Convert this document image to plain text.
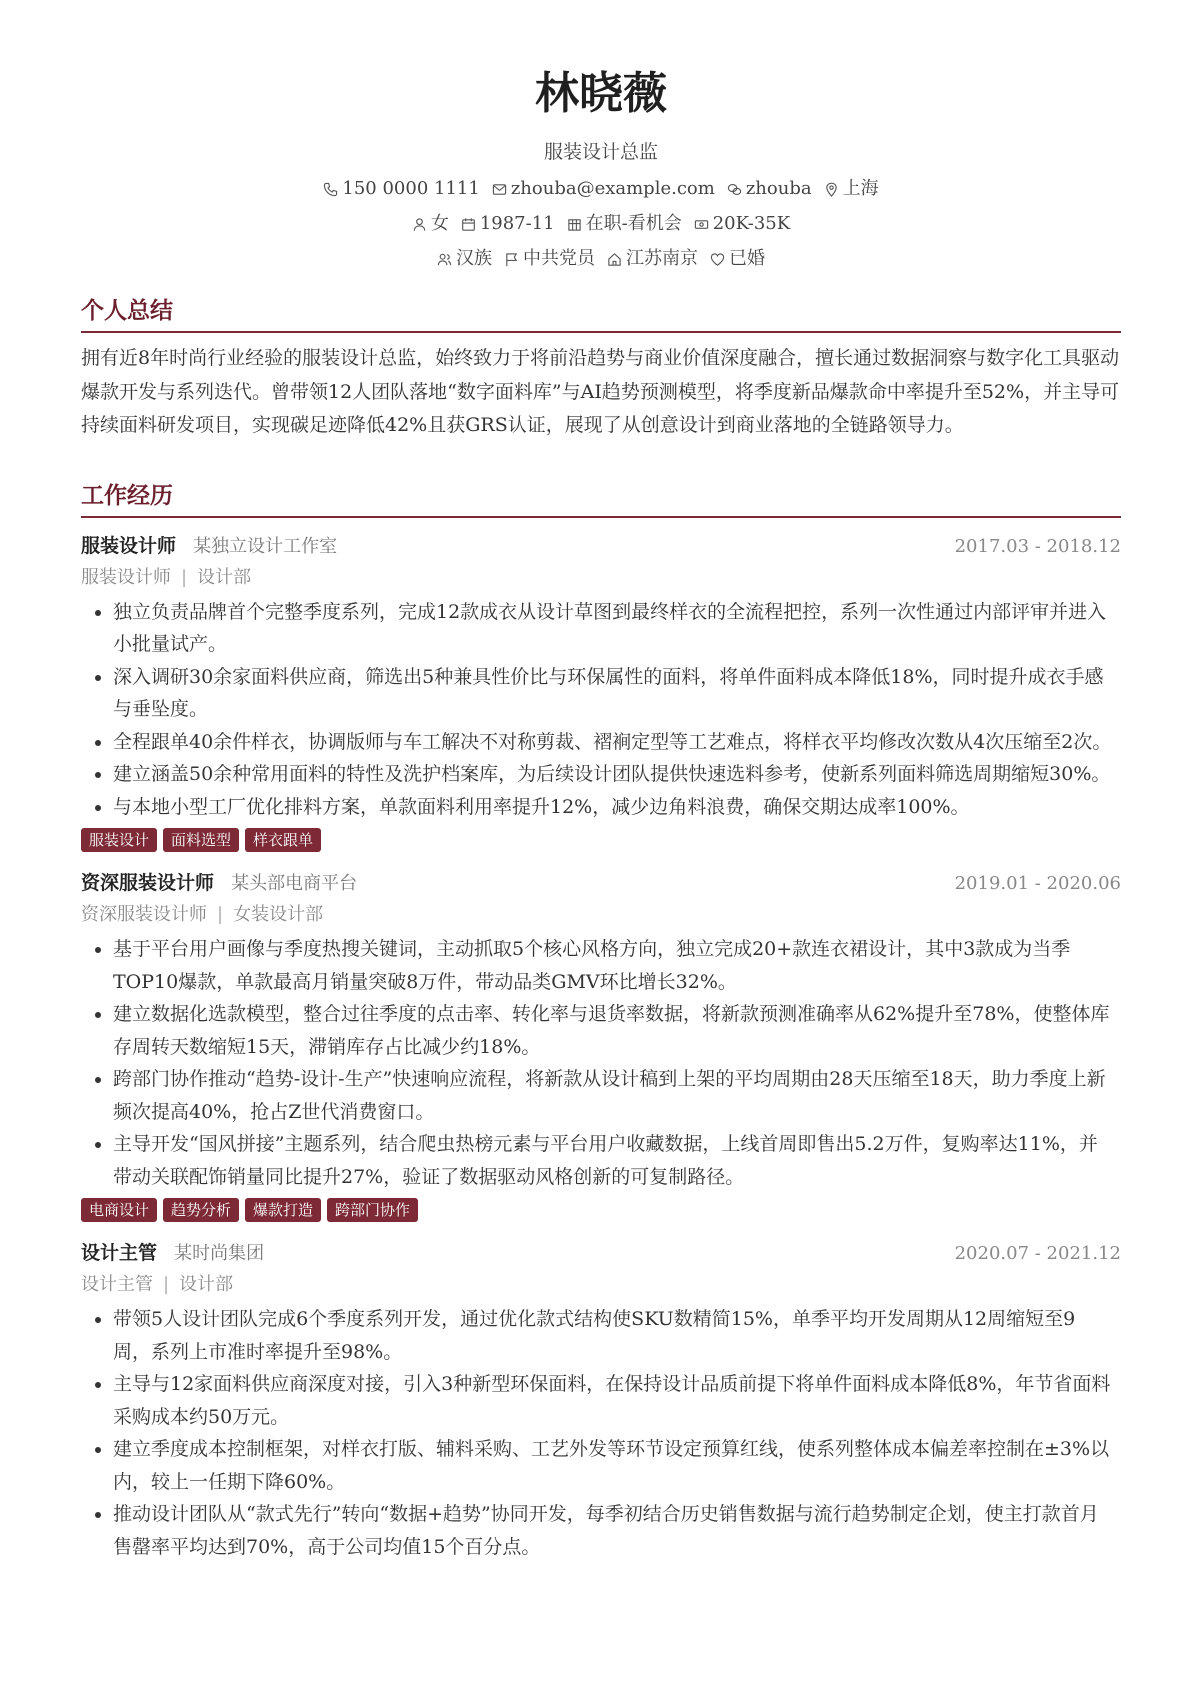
林晓薇
服装设计总监
150 0000 1111 zhouba@example.com zhouba 上海
女 1987-11 在职-看机会 20K-35K
汉族 中共党员 江苏南京 已婚
个人总结
拥有近8年时尚行业经验的服装设计总监，始终致力于将前沿趋势与商业价值深度融合，擅长通过数据洞察与数字化工具驱动爆款开发与系列迭代。曾带领12人团队落地“数字面料库”与AI趋势预测模型，将季度新品爆款命中率提升至52%，并主导可持续面料研发项目，实现碳足迹降低42%且获GRS认证，展现了从创意设计到商业落地的全链路领导力。
工作经历
服装设计师 某独立设计工作室	2017.03 - 2018.12
服装设计师 | 设计部
• 独立负责品牌首个完整季度系列，完成12款成衣从设计草图到最终样衣的全流程把控，系列一次性通过内部评审并进入小批量试产。
• 深入调研30余家面料供应商，筛选出5种兼具性价比与环保属性的面料，将单件面料成本降低18%，同时提升成衣手感与垂坠度。
• 全程跟单40余件样衣，协调版师与车工解决不对称剪裁、褶裥定型等工艺难点，将样衣平均修改次数从4次压缩至2次。
• 建立涵盖50余种常用面料的特性及洗护档案库，为后续设计团队提供快速选料参考，使新系列面料筛选周期缩短30%。
• 与本地小型工厂优化排料方案，单款面料利用率提升12%，减少边角料浪费，确保交期达成率100%。
服装设计	面料选型	样衣跟单
资深服装设计师 某头部电商平台	2019.01 - 2020.06
资深服装设计师 | 女装设计部
• 基于平台用户画像与季度热搜关键词，主动抓取5个核心风格方向，独立完成20+款连衣裙设计，其中3款成为当季TOP10爆款，单款最高月销量突破8万件，带动品类GMV环比增长32%。
• 建立数据化选款模型，整合过往季度的点击率、转化率与退货率数据，将新款预测准确率从62%提升至78%，使整体库存周转天数缩短15天，滞销库存占比减少约18%。
• 跨部门协作推动“趋势-设计-生产”快速响应流程，将新款从设计稿到上架的平均周期由28天压缩至18天，助力季度上新频次提高40%，抢占Z世代消费窗口。
• 主导开发“国风拼接”主题系列，结合爬虫热榜元素与平台用户收藏数据，上线首周即售出5.2万件，复购率达11%，并带动关联配饰销量同比提升27%，验证了数据驱动风格创新的可复制路径。
电商设计	趋势分析	爆款打造	跨部门协作
设计主管 某时尚集团	2020.07 - 2021.12
设计主管 | 设计部
• 带领5人设计团队完成6个季度系列开发，通过优化款式结构使SKU数精简15%，单季平均开发周期从12周缩短至9周，系列上市准时率提升至98%。
• 主导与12家面料供应商深度对接，引入3种新型环保面料，在保持设计品质前提下将单件面料成本降低8%，年节省面料采购成本约50万元。
• 建立季度成本控制框架，对样衣打版、辅料采购、工艺外发等环节设定预算红线，使系列整体成本偏差率控制在±3%以内，较上一任期下降60%。
• 推动设计团队从“款式先行”转向“数据+趋势”协同开发，每季初结合历史销售数据与流行趋势制定企划，使主打款首月售罄率平均达到70%，高于公司均值15个百分点。
